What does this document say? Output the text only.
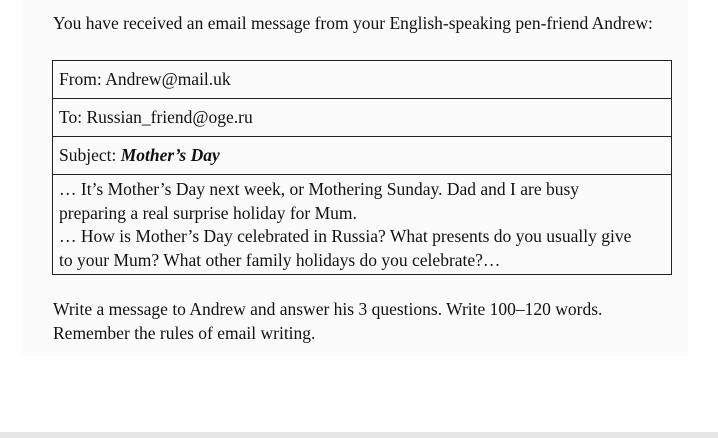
You have received an email message from your English-speaking pen-friend Andrew:
From: Andrew@mail.uk
To: Russian_friend@oge.ru
Subject: Mother’s Day
… It’s Mother’s Day next week, or Mothering Sunday. Dad and I are busy
preparing a real surprise holiday for Mum.
… How is Mother’s Day celebrated in Russia? What presents do you usually give
to your Mum? What other family holidays do you celebrate?…
Write a message to Andrew and answer his 3 questions. Write 100–120 words.
Remember the rules of email writing.
